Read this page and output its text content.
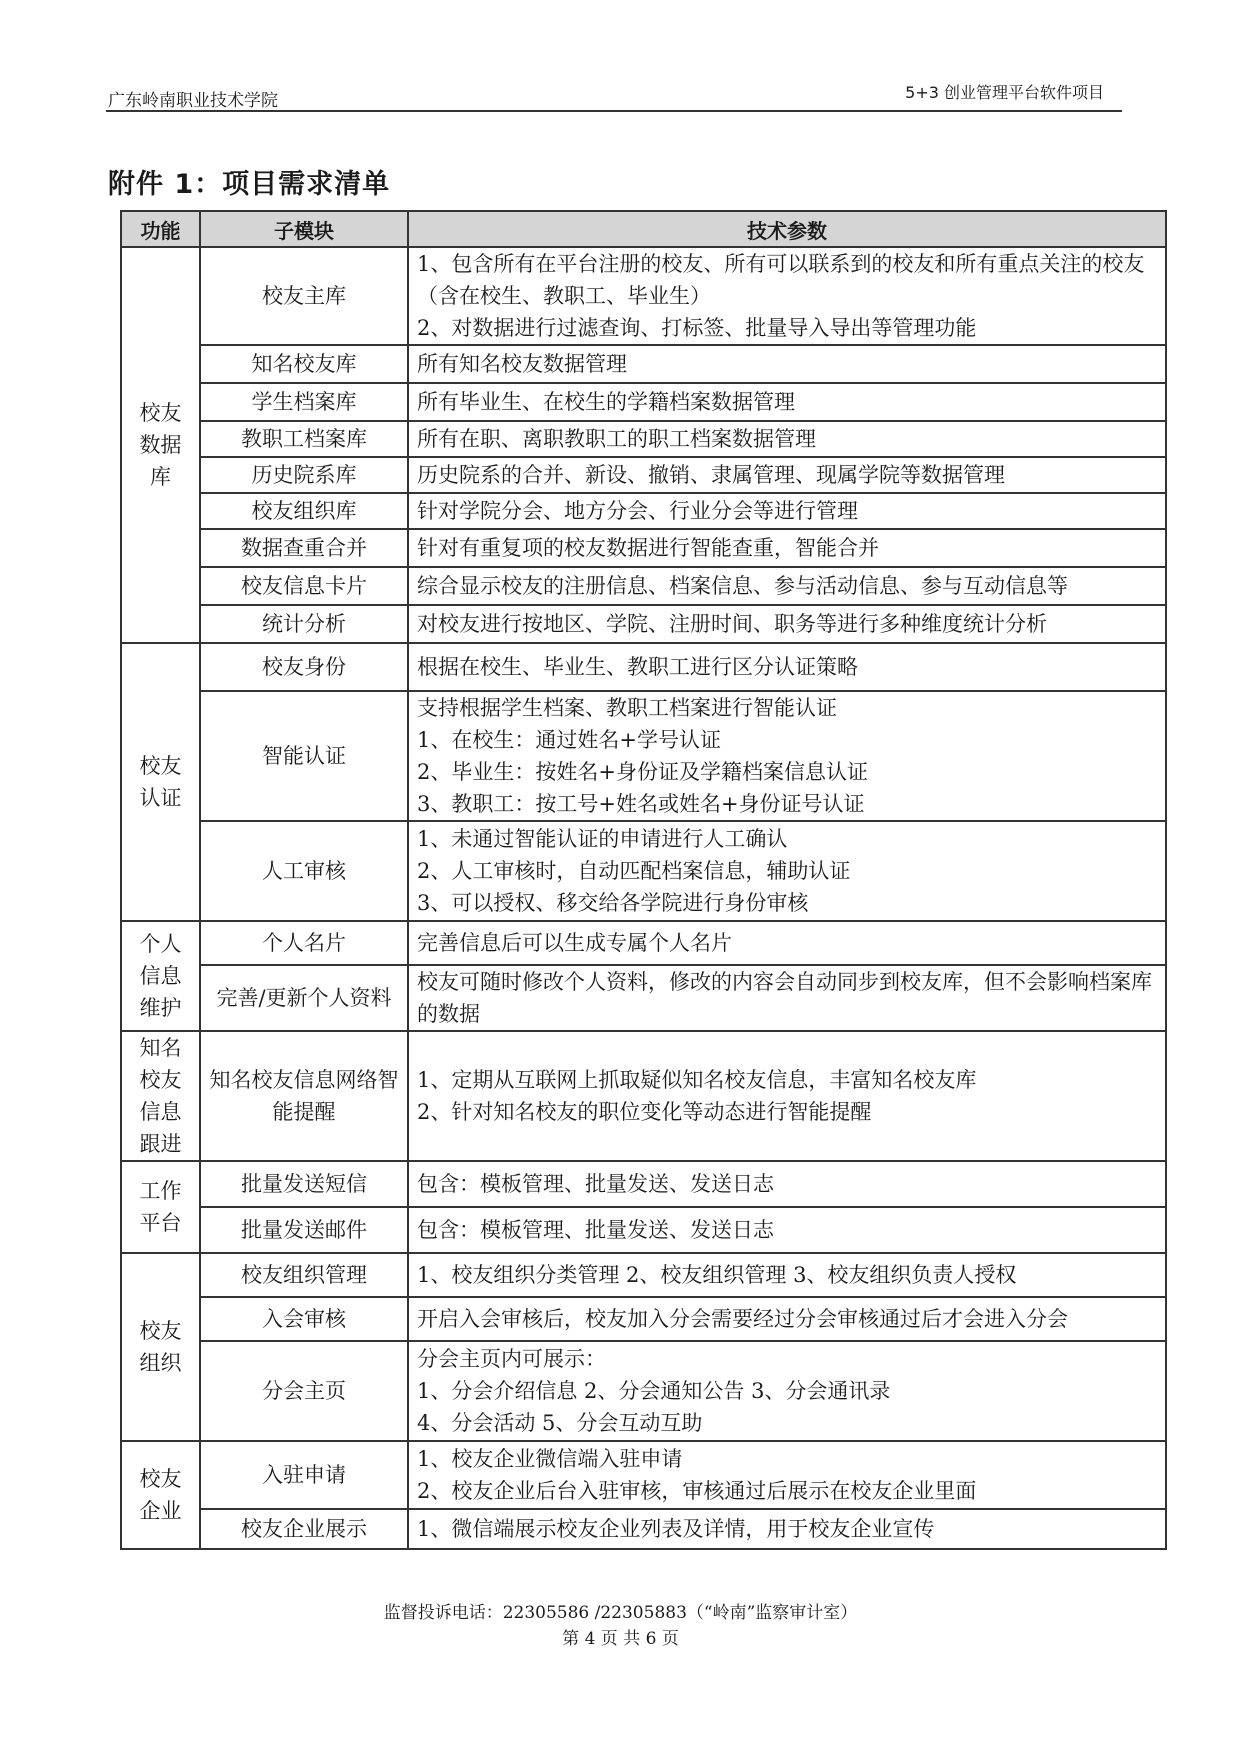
广东岭南职业技术学院	5+3 创业管理平台软件项目
附件 1：项目需求清单
功能	子模块	技术参数

校友数据库	校友主库	1、包含所有在平台注册的校友、所有可以联系到的校友和所有重点关注的校友（含在校生、教职工、毕业生）
2、对数据进行过滤查询、打标签、批量导入导出等管理功能

	知名校友库	所有知名校友数据管理

	学生档案库	所有毕业生、在校生的学籍档案数据管理

	教职工档案库	所有在职、离职教职工的职工档案数据管理

	历史院系库	历史院系的合并、新设、撤销、隶属管理、现属学院等数据管理

	校友组织库	针对学院分会、地方分会、行业分会等进行管理

	数据查重合并	针对有重复项的校友数据进行智能查重，智能合并

	校友信息卡片	综合显示校友的注册信息、档案信息、参与活动信息、参与互动信息等

	统计分析	对校友进行按地区、学院、注册时间、职务等进行多种维度统计分析

校友认证	校友身份	根据在校生、毕业生、教职工进行区分认证策略

	智能认证	支持根据学生档案、教职工档案进行智能认证
1、在校生：通过姓名+学号认证
2、毕业生：按姓名+身份证及学籍档案信息认证
3、教职工：按工号+姓名或姓名+身份证号认证

	人工审核	1、未通过智能认证的申请进行人工确认
2、人工审核时，自动匹配档案信息，辅助认证
3、可以授权、移交给各学院进行身份审核

个人信息维护	个人名片	完善信息后可以生成专属个人名片

	完善/更新个人资料	校友可随时修改个人资料，修改的内容会自动同步到校友库，但不会影响档案库的数据

知名校友信息跟进	知名校友信息网络智能提醒	1、定期从互联网上抓取疑似知名校友信息，丰富知名校友库
2、针对知名校友的职位变化等动态进行智能提醒

工作平台	批量发送短信	包含：模板管理、批量发送、发送日志

	批量发送邮件	包含：模板管理、批量发送、发送日志

校友组织	校友组织管理	1、校友组织分类管理 2、校友组织管理 3、校友组织负责人授权

	入会审核	开启入会审核后，校友加入分会需要经过分会审核通过后才会进入分会

	分会主页	分会主页内可展示：
1、分会介绍信息 2、分会通知公告 3、分会通讯录
4、分会活动 5、分会互动互助

校友企业	入驻申请	1、校友企业微信端入驻申请
2、校友企业后台入驻审核，审核通过后展示在校友企业里面

	校友企业展示	1、微信端展示校友企业列表及详情，用于校友企业宣传
监督投诉电话：22305586 /22305883（“岭南”监察审计室）
第 4 页 共 6 页
